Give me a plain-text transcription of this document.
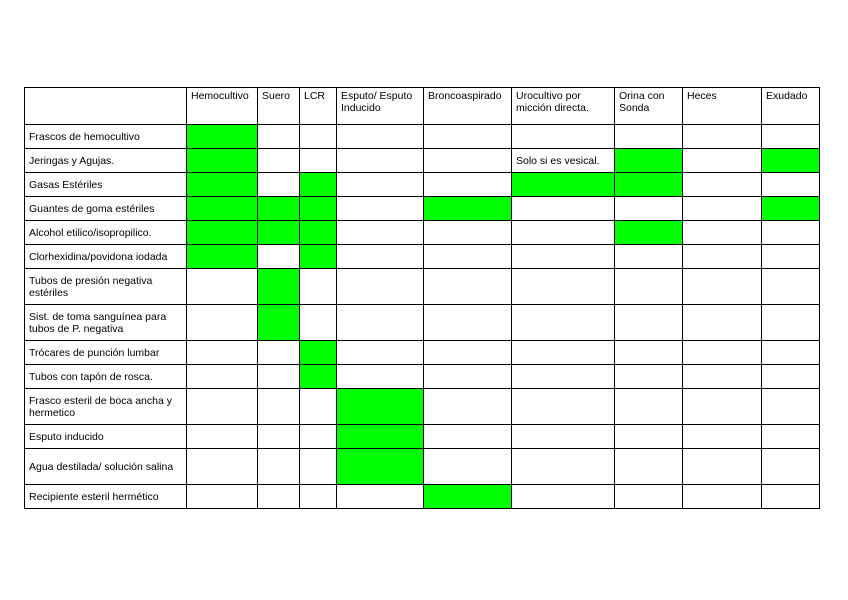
	Hemocultivo	Suero	LCR	Esputo/ Esputo Inducido	Broncoaspirado	Urocultivo por micción directa.	Orina con Sonda	Heces	Exudado
Frascos de hemocultivo									
Jeringas y Agujas.						Solo si es vesical.			
Gasas Estériles									
Guantes de goma estériles									
Alcohol etilico/isopropilico.									
Clorhexidina/povidona iodada									
Tubos de presión negativa estériles									
Sist. de toma sanguínea para tubos de P. negativa									
Trócares de punción lumbar									
Tubos con tapón de rosca.									
Frasco esteril de boca ancha y hermetico									
Esputo inducido									
Agua destilada/ solución salina									
Recipiente esteril hermético									
